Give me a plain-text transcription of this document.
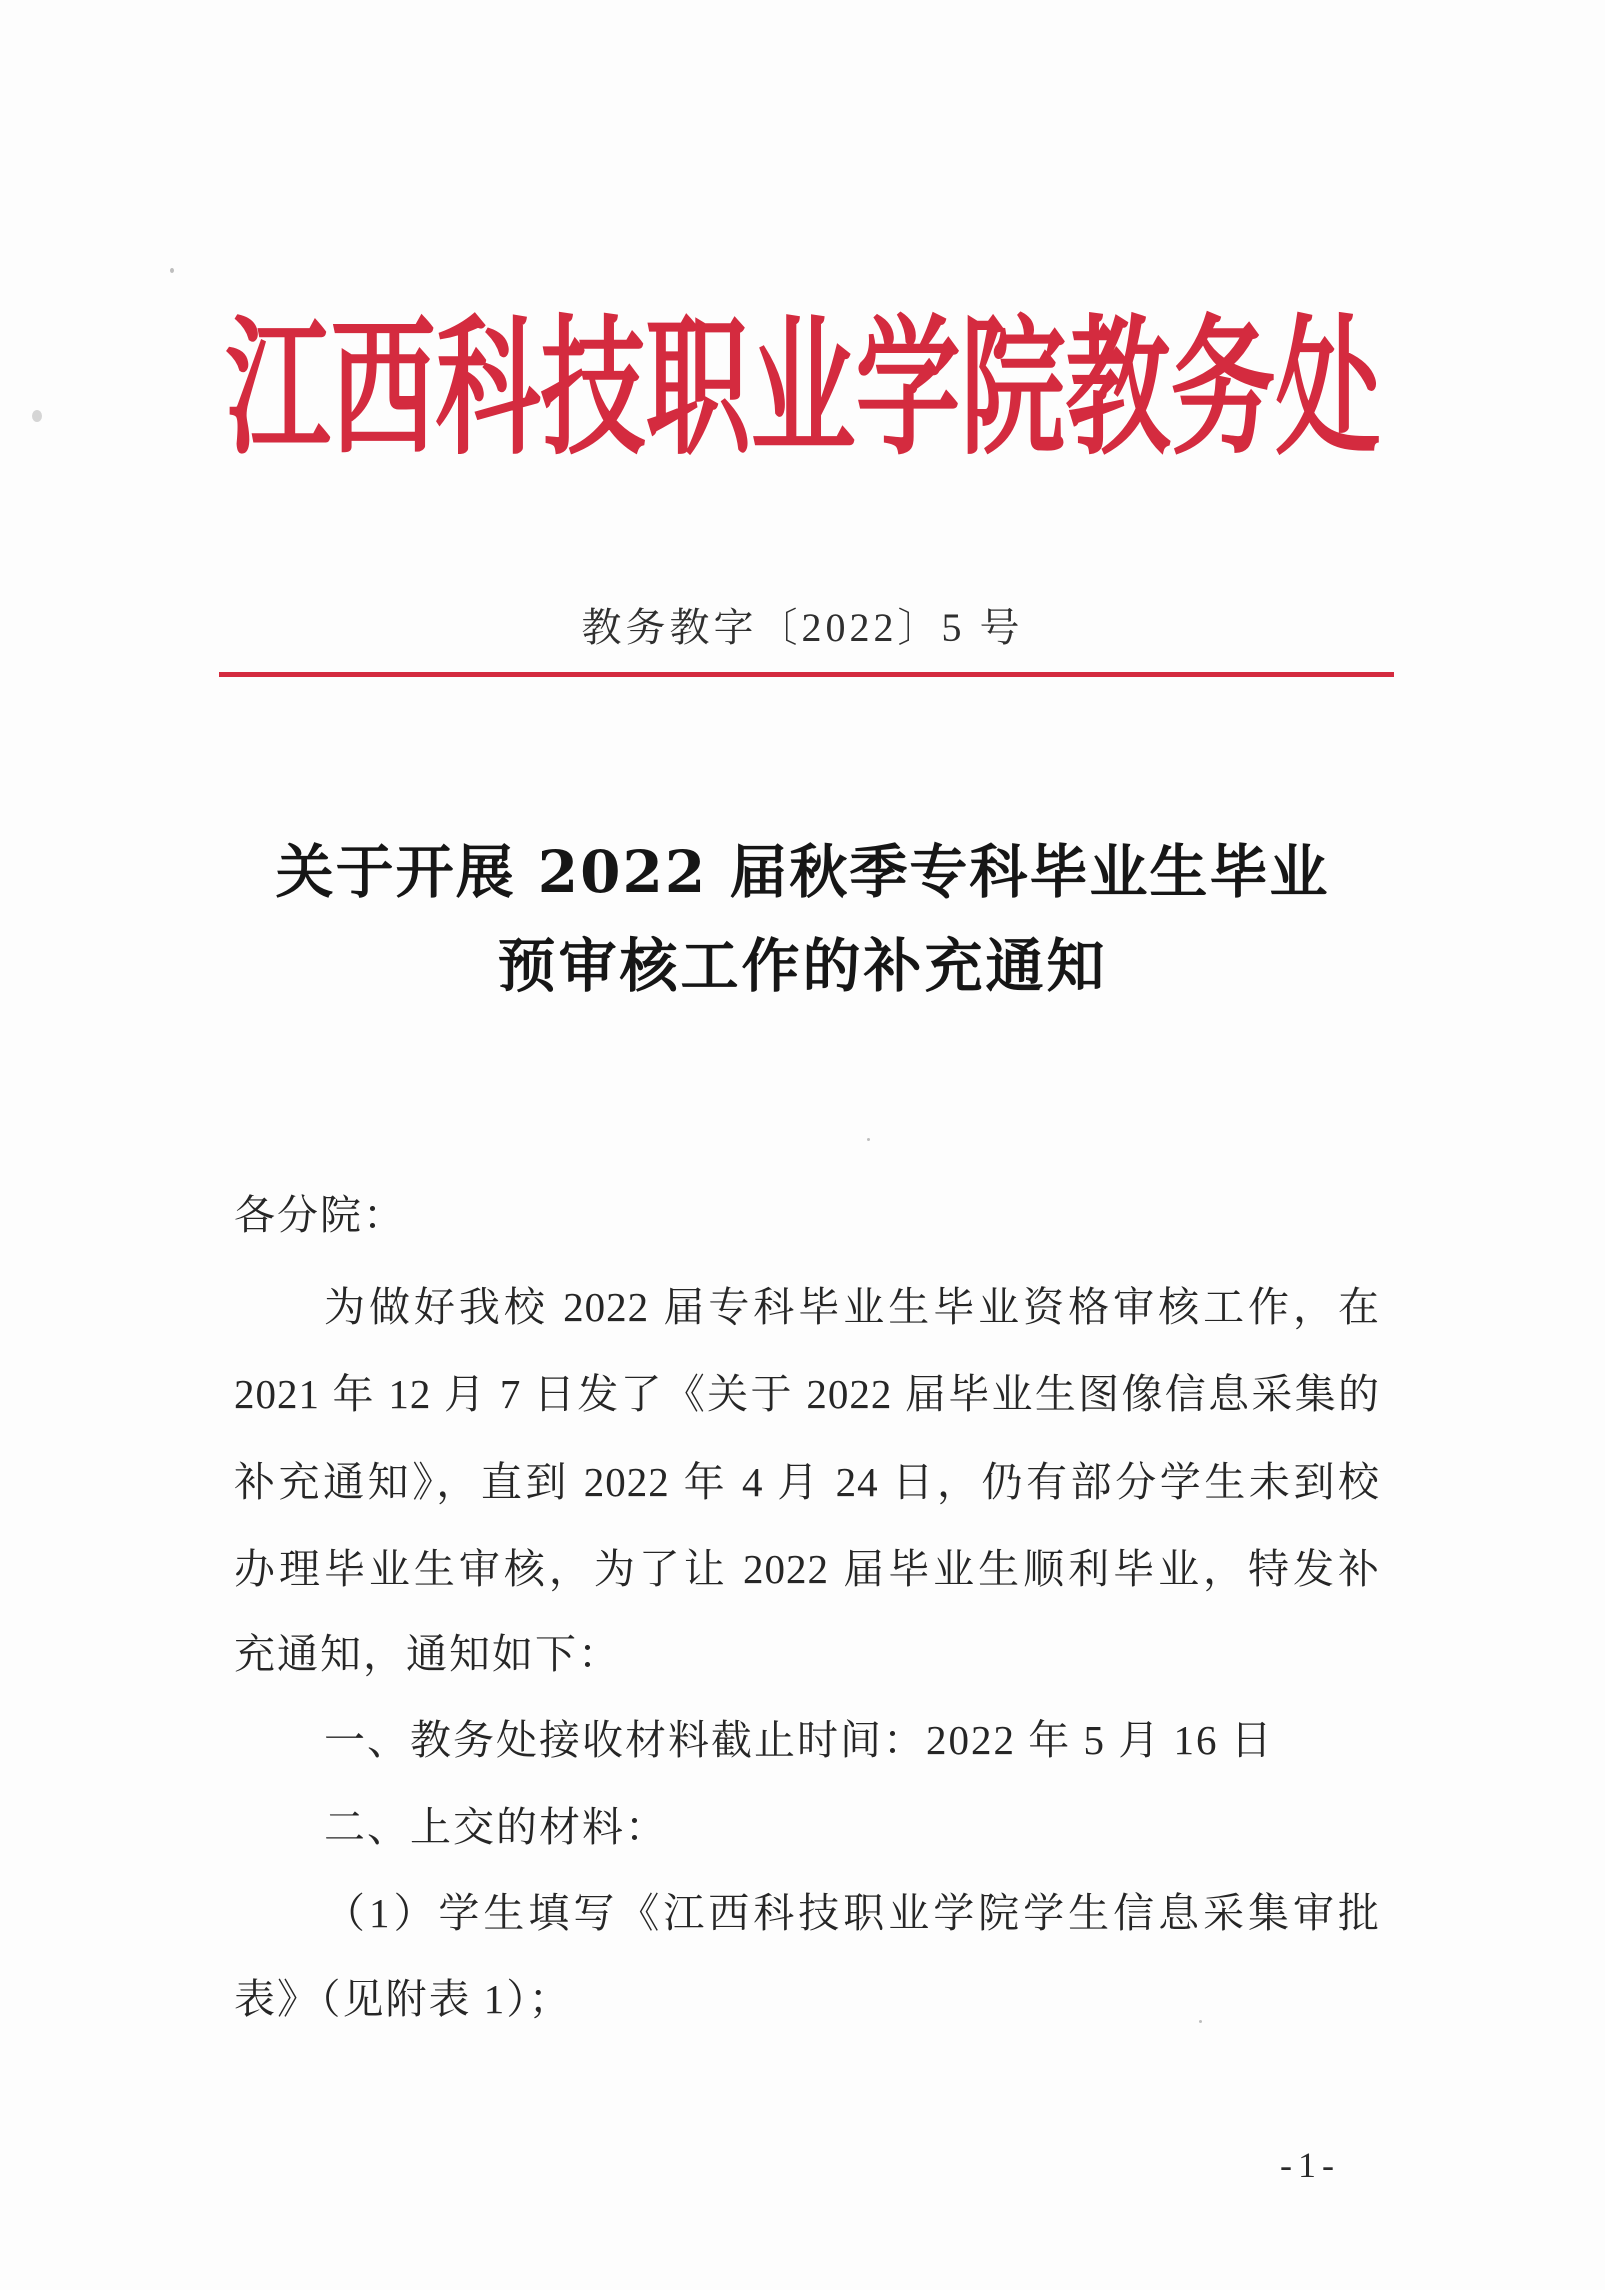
江西科技职业学院教务处
教务教字〔2022〕5 号
关于开展 2022 届秋季专科毕业生毕业
预审核工作的补充通知
各分院：
为做好我校 2022 届专科毕业生毕业资格审核工作，在
2021 年 12 月 7 日发了《关于 2022 届毕业生图像信息采集的
补充通知》，直到 2022 年 4 月 24 日，仍有部分学生未到校
办理毕业生审核，为了让 2022 届毕业生顺利毕业，特发补
充通知，通知如下：
一、教务处接收材料截止时间：2022 年 5 月 16 日
二、上交的材料：
（1）学生填写《江西科技职业学院学生信息采集审批
表》（见附表 1）；
-1-
